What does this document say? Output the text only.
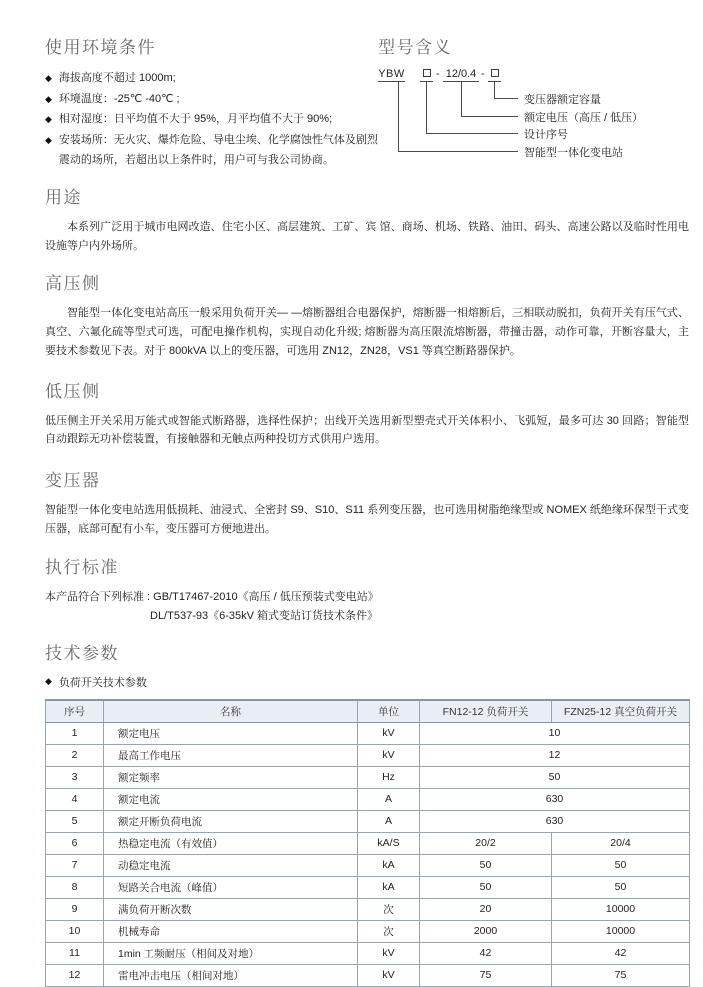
使用环境条件
◆ 海拔高度不超过 1000m;
◆ 环境温度：-25℃ -40℃ ;
◆ 相对湿度：日平均值不大于 95%，月平均值不大于 90%;
◆ 安装场所：无火灾、爆炸危险、导电尘埃、化学腐蚀性气体及剧烈震动的场所，若超出以上条件时，用户可与我公司协商。
型号含义
YBW	- 12/0.4 -
变压器额定容量
额定电压（高压 / 低压）
设计序号
智能型一体化变电站
用途

本系列广泛用于城市电网改造、住宅小区、高层建筑、工矿、宾 馆、商场、机场、铁路、油田、码头、高速公路以及临时性用电设施等户内外场所。

高压侧

智能型一体化变电站高压一般采用负荷开关— —熔断器组合电器保护，熔断器一相熔断后，三相联动脱扣，负荷开关有压气式、真空、六氟化硫等型式可选，可配电操作机构，实现自动化升级; 熔断器为高压限流熔断器，带撞击器，动作可靠，开断容量大，主要技术参数见下表。对于 800kVA 以上的变压器，可选用 ZN12，ZN28，VS1 等真空断路器保护。

低压侧

低压侧主开关采用万能式或智能式断路器，选择性保护；出线开关选用新型塑壳式开关体积小、飞弧短，最多可达 30 回路；智能型自动跟踪无功补偿装置，有接触器和无触点两种投切方式供用户选用。

变压器

智能型一体化变电站选用低损耗、油浸式、全密封 S9、S10、S11 系列变压器，也可选用树脂绝缘型或 NOMEX 纸绝缘环保型干式变压器，底部可配有小车，变压器可方便地进出。

执行标准

本产品符合下列标准 : GB/T17467-2010《高压 / 低压预装式变电站》

DL/T537-93《6-35kV 箱式变站订货技术条件》

技术参数
◆ 负荷开关技术参数
序号	名称	单位	FN12-12 负荷开关	FZN25-12 真空负荷开关
1	额定电压	kV	10	
2	最高工作电压	kV	12	
3	额定频率	Hz	50	
4	额定电流	A	630	
5	额定开断负荷电流	A	630	
6	热稳定电流（有效值）	kA/S	20/2	20/4
7	动稳定电流	kA	50	50
8	短路关合电流（峰值）	kA	50	50
9	满负荷开断次数	次	20	10000
10	机械寿命	次	2000	10000
11	1min 工频耐压（相间及对地）	kV	42	42
12	雷电冲击电压（相间对地）	kV	75	75
